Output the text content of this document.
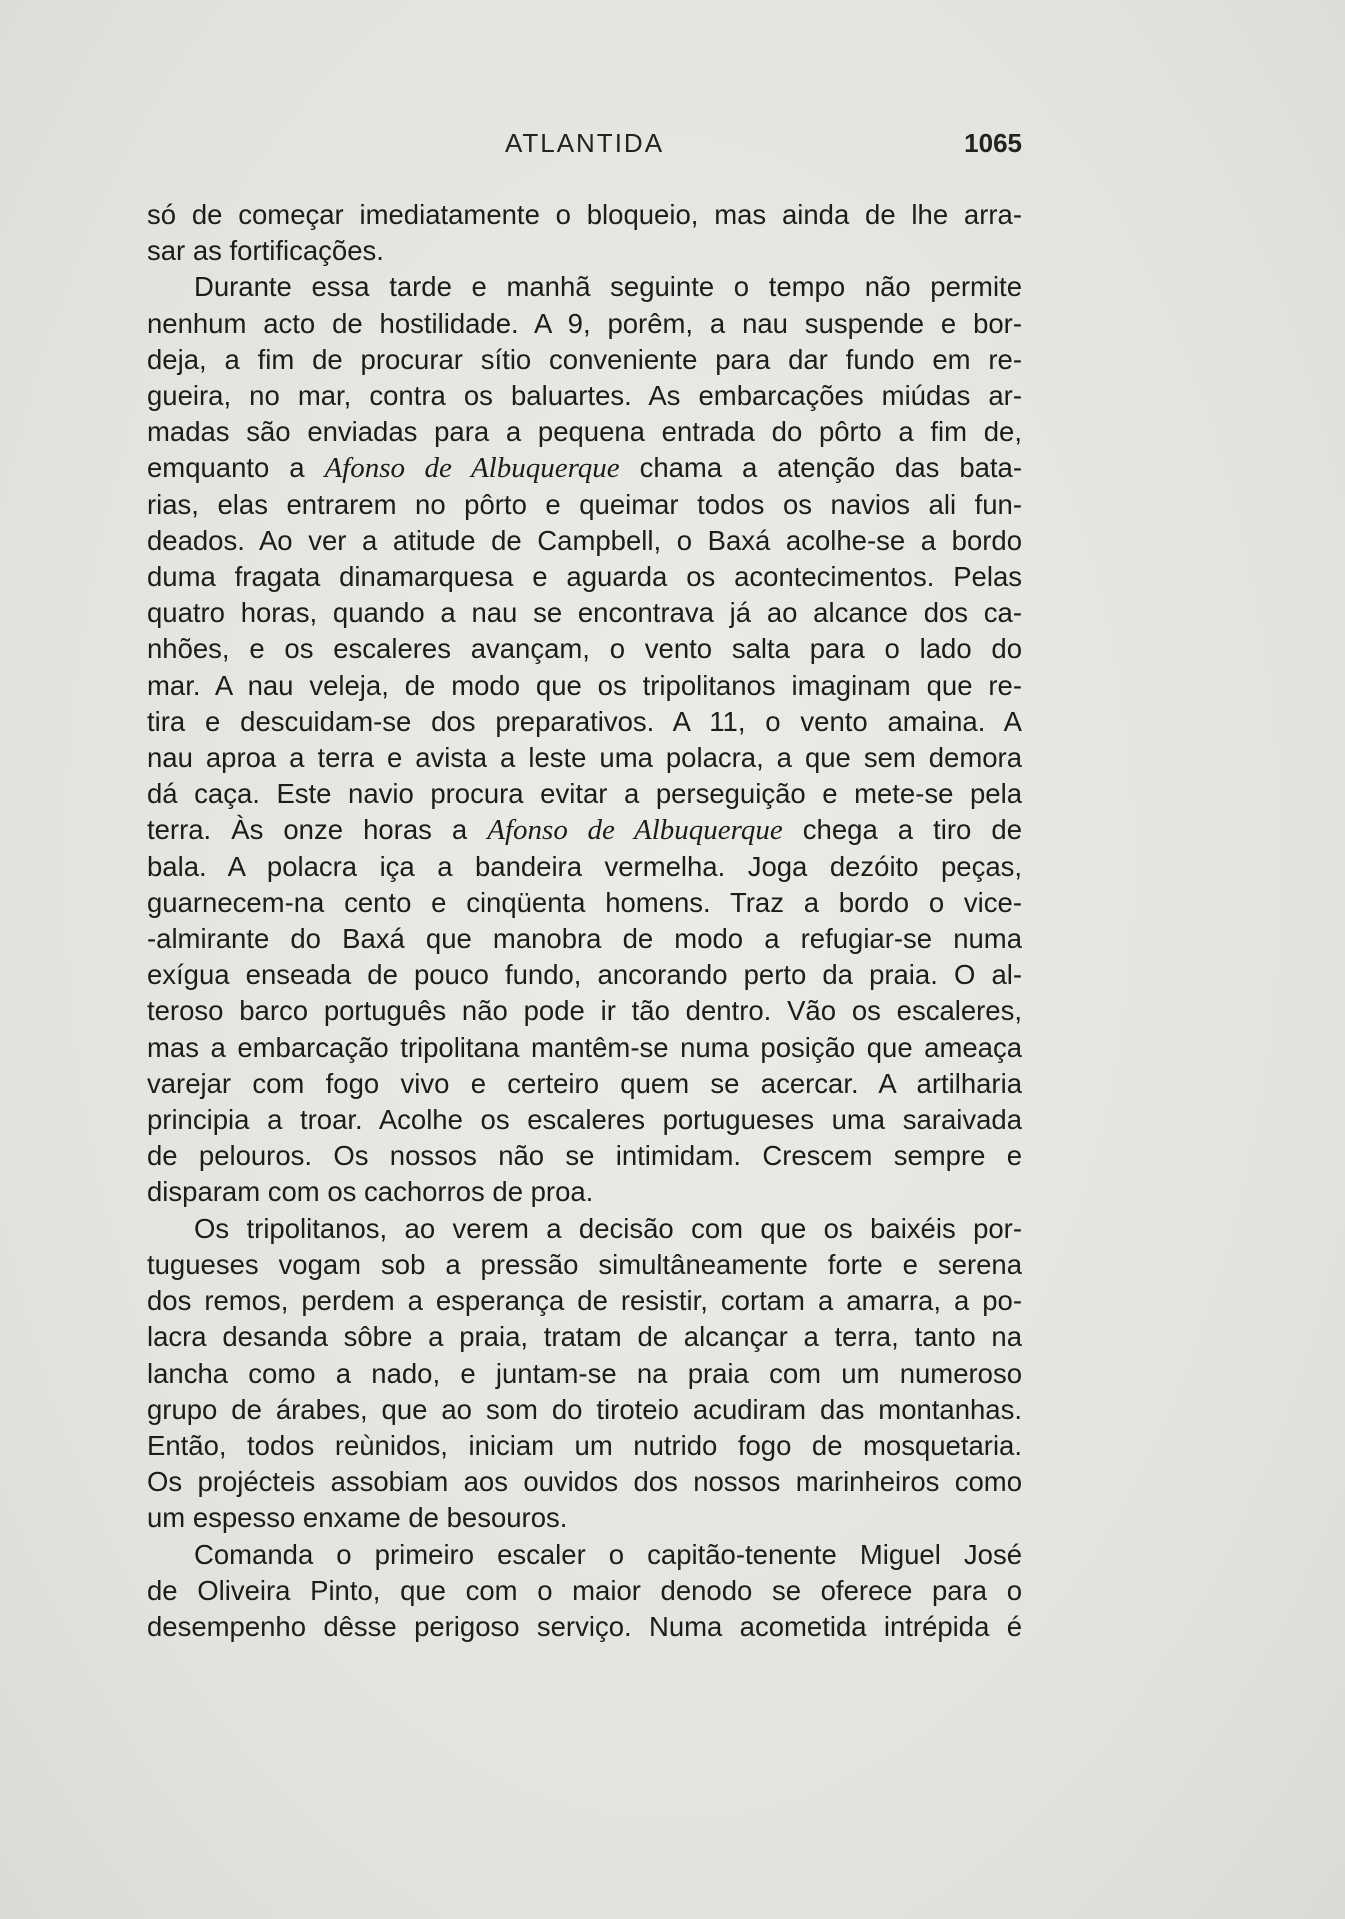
ATLANTIDA	1065
só de começar imediatamente o bloqueio, mas ainda de lhe arra-
sar as fortificações.
Durante essa tarde e manhã seguinte o tempo não permite
nenhum acto de hostilidade. A 9, porêm, a nau suspende e bor-
deja, a fim de procurar sítio conveniente para dar fundo em re-
gueira, no mar, contra os baluartes. As embarcações miúdas ar-
madas são enviadas para a pequena entrada do pôrto a fim de,
emquanto a Afonso de Albuquerque chama a atenção das bata-
rias, elas entrarem no pôrto e queimar todos os navios ali fun-
deados. Ao ver a atitude de Campbell, o Baxá acolhe-se a bordo
duma fragata dinamarquesa e aguarda os acontecimentos. Pelas
quatro horas, quando a nau se encontrava já ao alcance dos ca-
nhões, e os escaleres avançam, o vento salta para o lado do
mar. A nau veleja, de modo que os tripolitanos imaginam que re-
tira e descuidam-se dos preparativos. A 11, o vento amaina. A
nau aproa a terra e avista a leste uma polacra, a que sem demora
dá caça. Este navio procura evitar a perseguição e mete-se pela
terra. Às onze horas a Afonso de Albuquerque chega a tiro de
bala. A polacra iça a bandeira vermelha. Joga dezóito peças,
guarnecem-na cento e cinqüenta homens. Traz a bordo o vice-
-almirante do Baxá que manobra de modo a refugiar-se numa
exígua enseada de pouco fundo, ancorando perto da praia. O al-
teroso barco português não pode ir tão dentro. Vão os escaleres,
mas a embarcação tripolitana mantêm-se numa posição que ameaça
varejar com fogo vivo e certeiro quem se acercar. A artilharia
principia a troar. Acolhe os escaleres portugueses uma saraivada
de pelouros. Os nossos não se intimidam. Crescem sempre e
disparam com os cachorros de proa.
Os tripolitanos, ao verem a decisão com que os baixéis por-
tugueses vogam sob a pressão simultâneamente forte e serena
dos remos, perdem a esperança de resistir, cortam a amarra, a po-
lacra desanda sôbre a praia, tratam de alcançar a terra, tanto na
lancha como a nado, e juntam-se na praia com um numeroso
grupo de árabes, que ao som do tiroteio acudiram das montanhas.
Então, todos reùnidos, iniciam um nutrido fogo de mosquetaria.
Os projécteis assobiam aos ouvidos dos nossos marinheiros como
um espesso enxame de besouros.
Comanda o primeiro escaler o capitão-tenente Miguel José
de Oliveira Pinto, que com o maior denodo se oferece para o
desempenho dêsse perigoso serviço. Numa acometida intrépida é
